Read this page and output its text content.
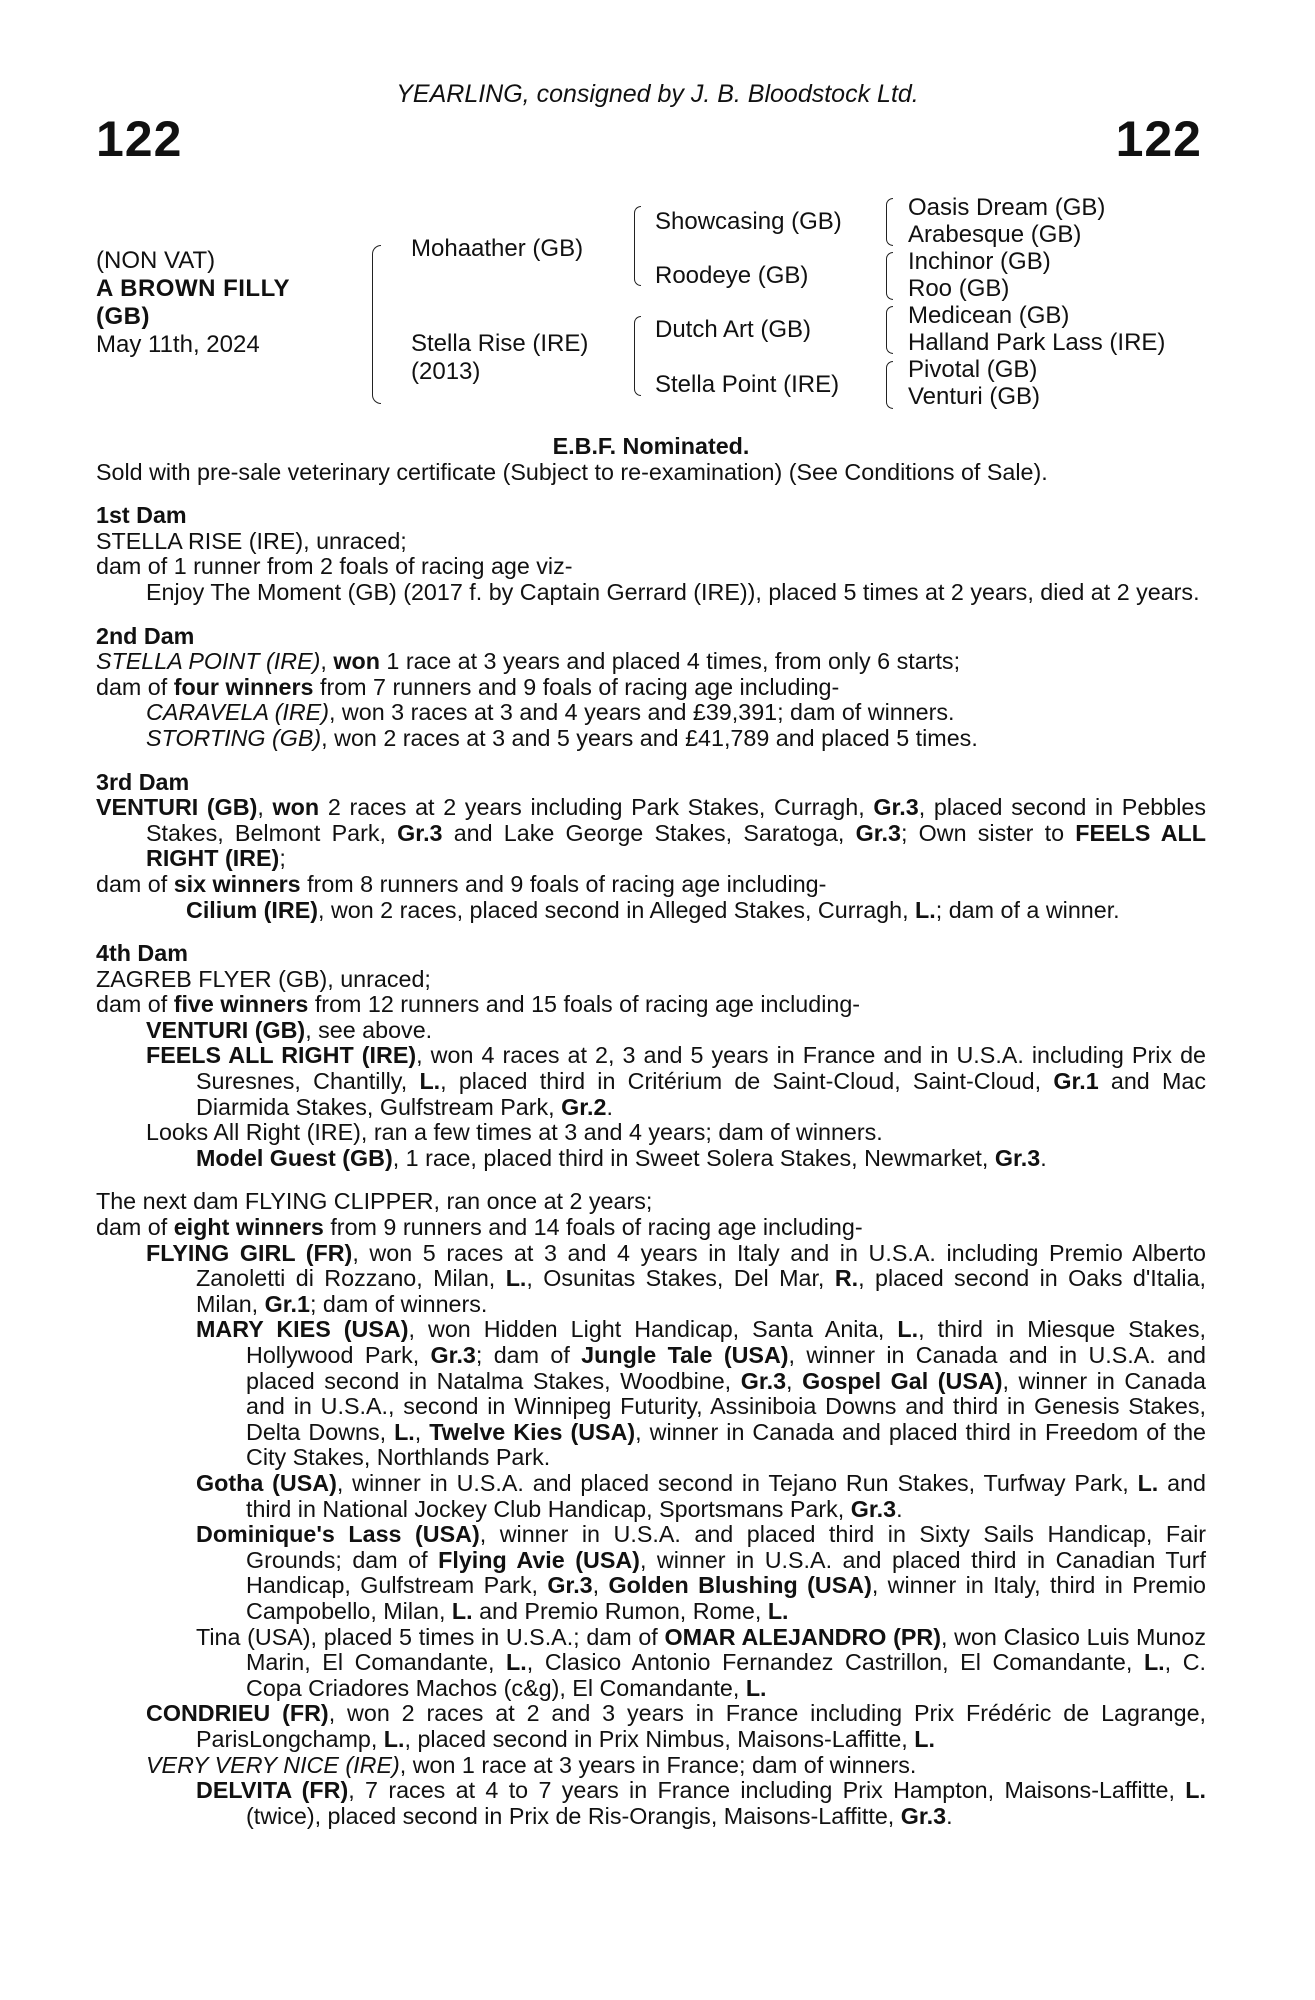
YEARLING, consigned by J. B. Bloodstock Ltd.
122	122
(NON VAT)
A BROWN FILLY
(GB)
May 11th, 2024
Mohaather (GB)
Stella Rise (IRE)
(2013)
Showcasing (GB)
Roodeye (GB)
Dutch Art (GB)
Stella Point (IRE)
Oasis Dream (GB)
Arabesque (GB)
Inchinor (GB)
Roo (GB)
Medicean (GB)
Halland Park Lass (IRE)
Pivotal (GB)
Venturi (GB)
E.B.F. Nominated.
Sold with pre-sale veterinary certificate (Subject to re-examination) (See Conditions of Sale).
1st Dam
STELLA RISE (IRE), unraced;
dam of 1 runner from 2 foals of racing age viz-
Enjoy The Moment (GB) (2017 f. by Captain Gerrard (IRE)), placed 5 times at 2 years, died at 2 years.
2nd Dam
STELLA POINT (IRE), won 1 race at 3 years and placed 4 times, from only 6 starts;
dam of four winners from 7 runners and 9 foals of racing age including-
CARAVELA (IRE), won 3 races at 3 and 4 years and £39,391; dam of winners.
STORTING (GB), won 2 races at 3 and 5 years and £41,789 and placed 5 times.
3rd Dam
VENTURI (GB), won 2 races at 2 years including Park Stakes, Curragh, Gr.3, placed second in Pebbles Stakes, Belmont Park, Gr.3 and Lake George Stakes, Saratoga, Gr.3; Own sister to FEELS ALL RIGHT (IRE);
dam of six winners from 8 runners and 9 foals of racing age including-
Cilium (IRE), won 2 races, placed second in Alleged Stakes, Curragh, L.; dam of a winner.
4th Dam
ZAGREB FLYER (GB), unraced;
dam of five winners from 12 runners and 15 foals of racing age including-
VENTURI (GB), see above.
FEELS ALL RIGHT (IRE), won 4 races at 2, 3 and 5 years in France and in U.S.A. including Prix de Suresnes, Chantilly, L., placed third in Critérium de Saint-Cloud, Saint-Cloud, Gr.1 and Mac Diarmida Stakes, Gulfstream Park, Gr.2.
Looks All Right (IRE), ran a few times at 3 and 4 years; dam of winners.
Model Guest (GB), 1 race, placed third in Sweet Solera Stakes, Newmarket, Gr.3.
The next dam FLYING CLIPPER, ran once at 2 years;
dam of eight winners from 9 runners and 14 foals of racing age including-
FLYING GIRL (FR), won 5 races at 3 and 4 years in Italy and in U.S.A. including Premio Alberto Zanoletti di Rozzano, Milan, L., Osunitas Stakes, Del Mar, R., placed second in Oaks d'Italia, Milan, Gr.1; dam of winners.
MARY KIES (USA), won Hidden Light Handicap, Santa Anita, L., third in Miesque Stakes, Hollywood Park, Gr.3; dam of Jungle Tale (USA), winner in Canada and in U.S.A. and placed second in Natalma Stakes, Woodbine, Gr.3, Gospel Gal (USA), winner in Canada and in U.S.A., second in Winnipeg Futurity, Assiniboia Downs and third in Genesis Stakes, Delta Downs, L., Twelve Kies (USA), winner in Canada and placed third in Freedom of the City Stakes, Northlands Park.
Gotha (USA), winner in U.S.A. and placed second in Tejano Run Stakes, Turfway Park, L. and third in National Jockey Club Handicap, Sportsmans Park, Gr.3.
Dominique's Lass (USA), winner in U.S.A. and placed third in Sixty Sails Handicap, Fair Grounds; dam of Flying Avie (USA), winner in U.S.A. and placed third in Canadian Turf Handicap, Gulfstream Park, Gr.3, Golden Blushing (USA), winner in Italy, third in Premio Campobello, Milan, L. and Premio Rumon, Rome, L.
Tina (USA), placed 5 times in U.S.A.; dam of OMAR ALEJANDRO (PR), won Clasico Luis Munoz Marin, El Comandante, L., Clasico Antonio Fernandez Castrillon, El Comandante, L., C. Copa Criadores Machos (c&g), El Comandante, L.
CONDRIEU (FR), won 2 races at 2 and 3 years in France including Prix Frédéric de Lagrange, ParisLongchamp, L., placed second in Prix Nimbus, Maisons-Laffitte, L.
VERY VERY NICE (IRE), won 1 race at 3 years in France; dam of winners.
DELVITA (FR), 7 races at 4 to 7 years in France including Prix Hampton, Maisons-Laffitte, L. (twice), placed second in Prix de Ris-Orangis, Maisons-Laffitte, Gr.3.
